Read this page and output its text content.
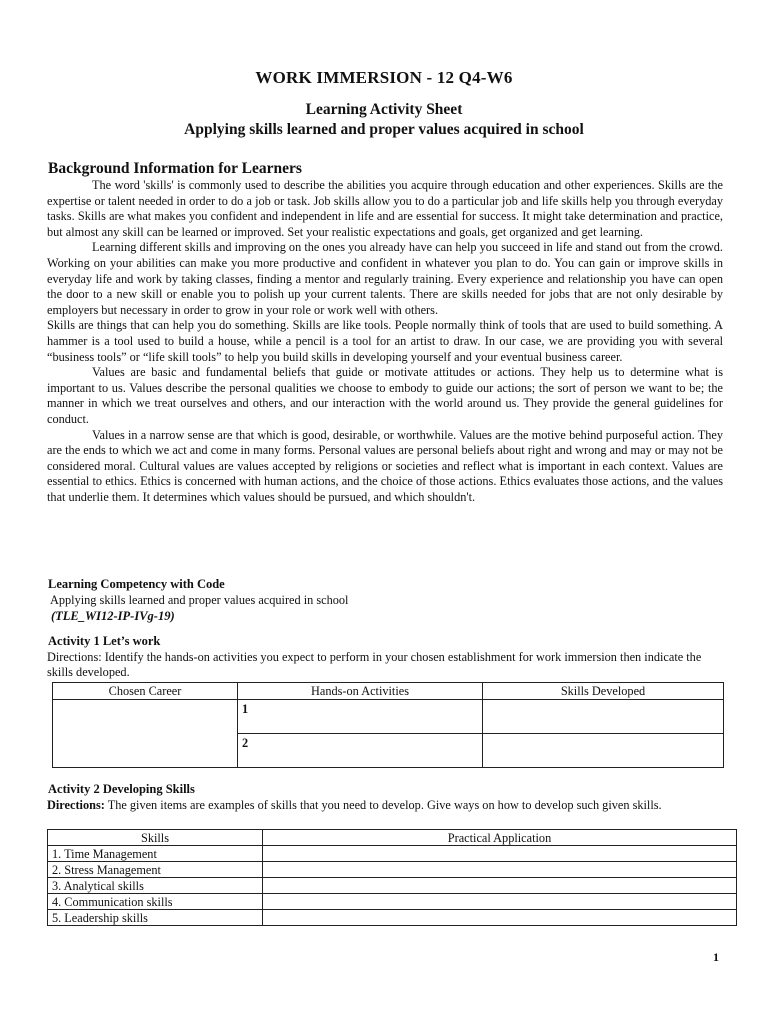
WORK IMMERSION - 12 Q4-W6
Learning Activity Sheet
Applying skills learned and proper values acquired in school
Background Information for Learners

The word 'skills' is commonly used to describe the abilities you acquire through education and other experiences. Skills are the expertise or talent needed in order to do a job or task. Job skills allow you to do a particular job and life skills help you through everyday tasks. Skills are what makes you confident and independent in life and are essential for success. It might take determination and practice, but almost any skill can be learned or improved. Set your realistic expectations and goals, get organized and get learning.

Learning different skills and improving on the ones you already have can help you succeed in life and stand out from the crowd. Working on your abilities can make you more productive and confident in whatever you plan to do. You can gain or improve skills in everyday life and work by taking classes, finding a mentor and regularly training. Every experience and relationship you have can open the door to a new skill or enable you to polish up your current talents. There are skills needed for jobs that are not only desirable by employers but necessary in order to grow in your role or work well with others.

Skills are things that can help you do something. Skills are like tools. People normally think of tools that are used to build something. A hammer is a tool used to build a house, while a pencil is a tool for an artist to draw. In our case, we are providing you with several “business tools” or “life skill tools” to help you build skills in developing yourself and your eventual business career.

Values are basic and fundamental beliefs that guide or motivate attitudes or actions. They help us to determine what is important to us. Values describe the personal qualities we choose to embody to guide our actions; the sort of person we want to be; the manner in which we treat ourselves and others, and our interaction with the world around us. They provide the general guidelines for conduct.

Values in a narrow sense are that which is good, desirable, or worthwhile. Values are the motive behind purposeful action. They are the ends to which we act and come in many forms. Personal values are personal beliefs about right and wrong and may or may not be considered moral. Cultural values are values accepted by religions or societies and reflect what is important in each context. Values are essential to ethics. Ethics is concerned with human actions, and the choice of those actions. Ethics evaluates those actions, and the values that underlie them. It determines which values should be pursued, and which shouldn't.

Learning Competency with Code
Applying skills learned and proper values acquired in school
(TLE_WI12-IP-IVg-19)
Activity 1 Let’s work
Directions: Identify the hands-on activities you expect to perform in your chosen establishment for work immersion then indicate the skills developed.
Chosen Career	Hands-on Activities	Skills Developed
	1	
	2	
Activity 2 Developing Skills
Directions: The given items are examples of skills that you need to develop. Give ways on how to develop such given skills.
Skills	Practical Application
1. Time Management	
2. Stress Management	
3. Analytical skills	
4. Communication skills	
5. Leadership skills	
1
